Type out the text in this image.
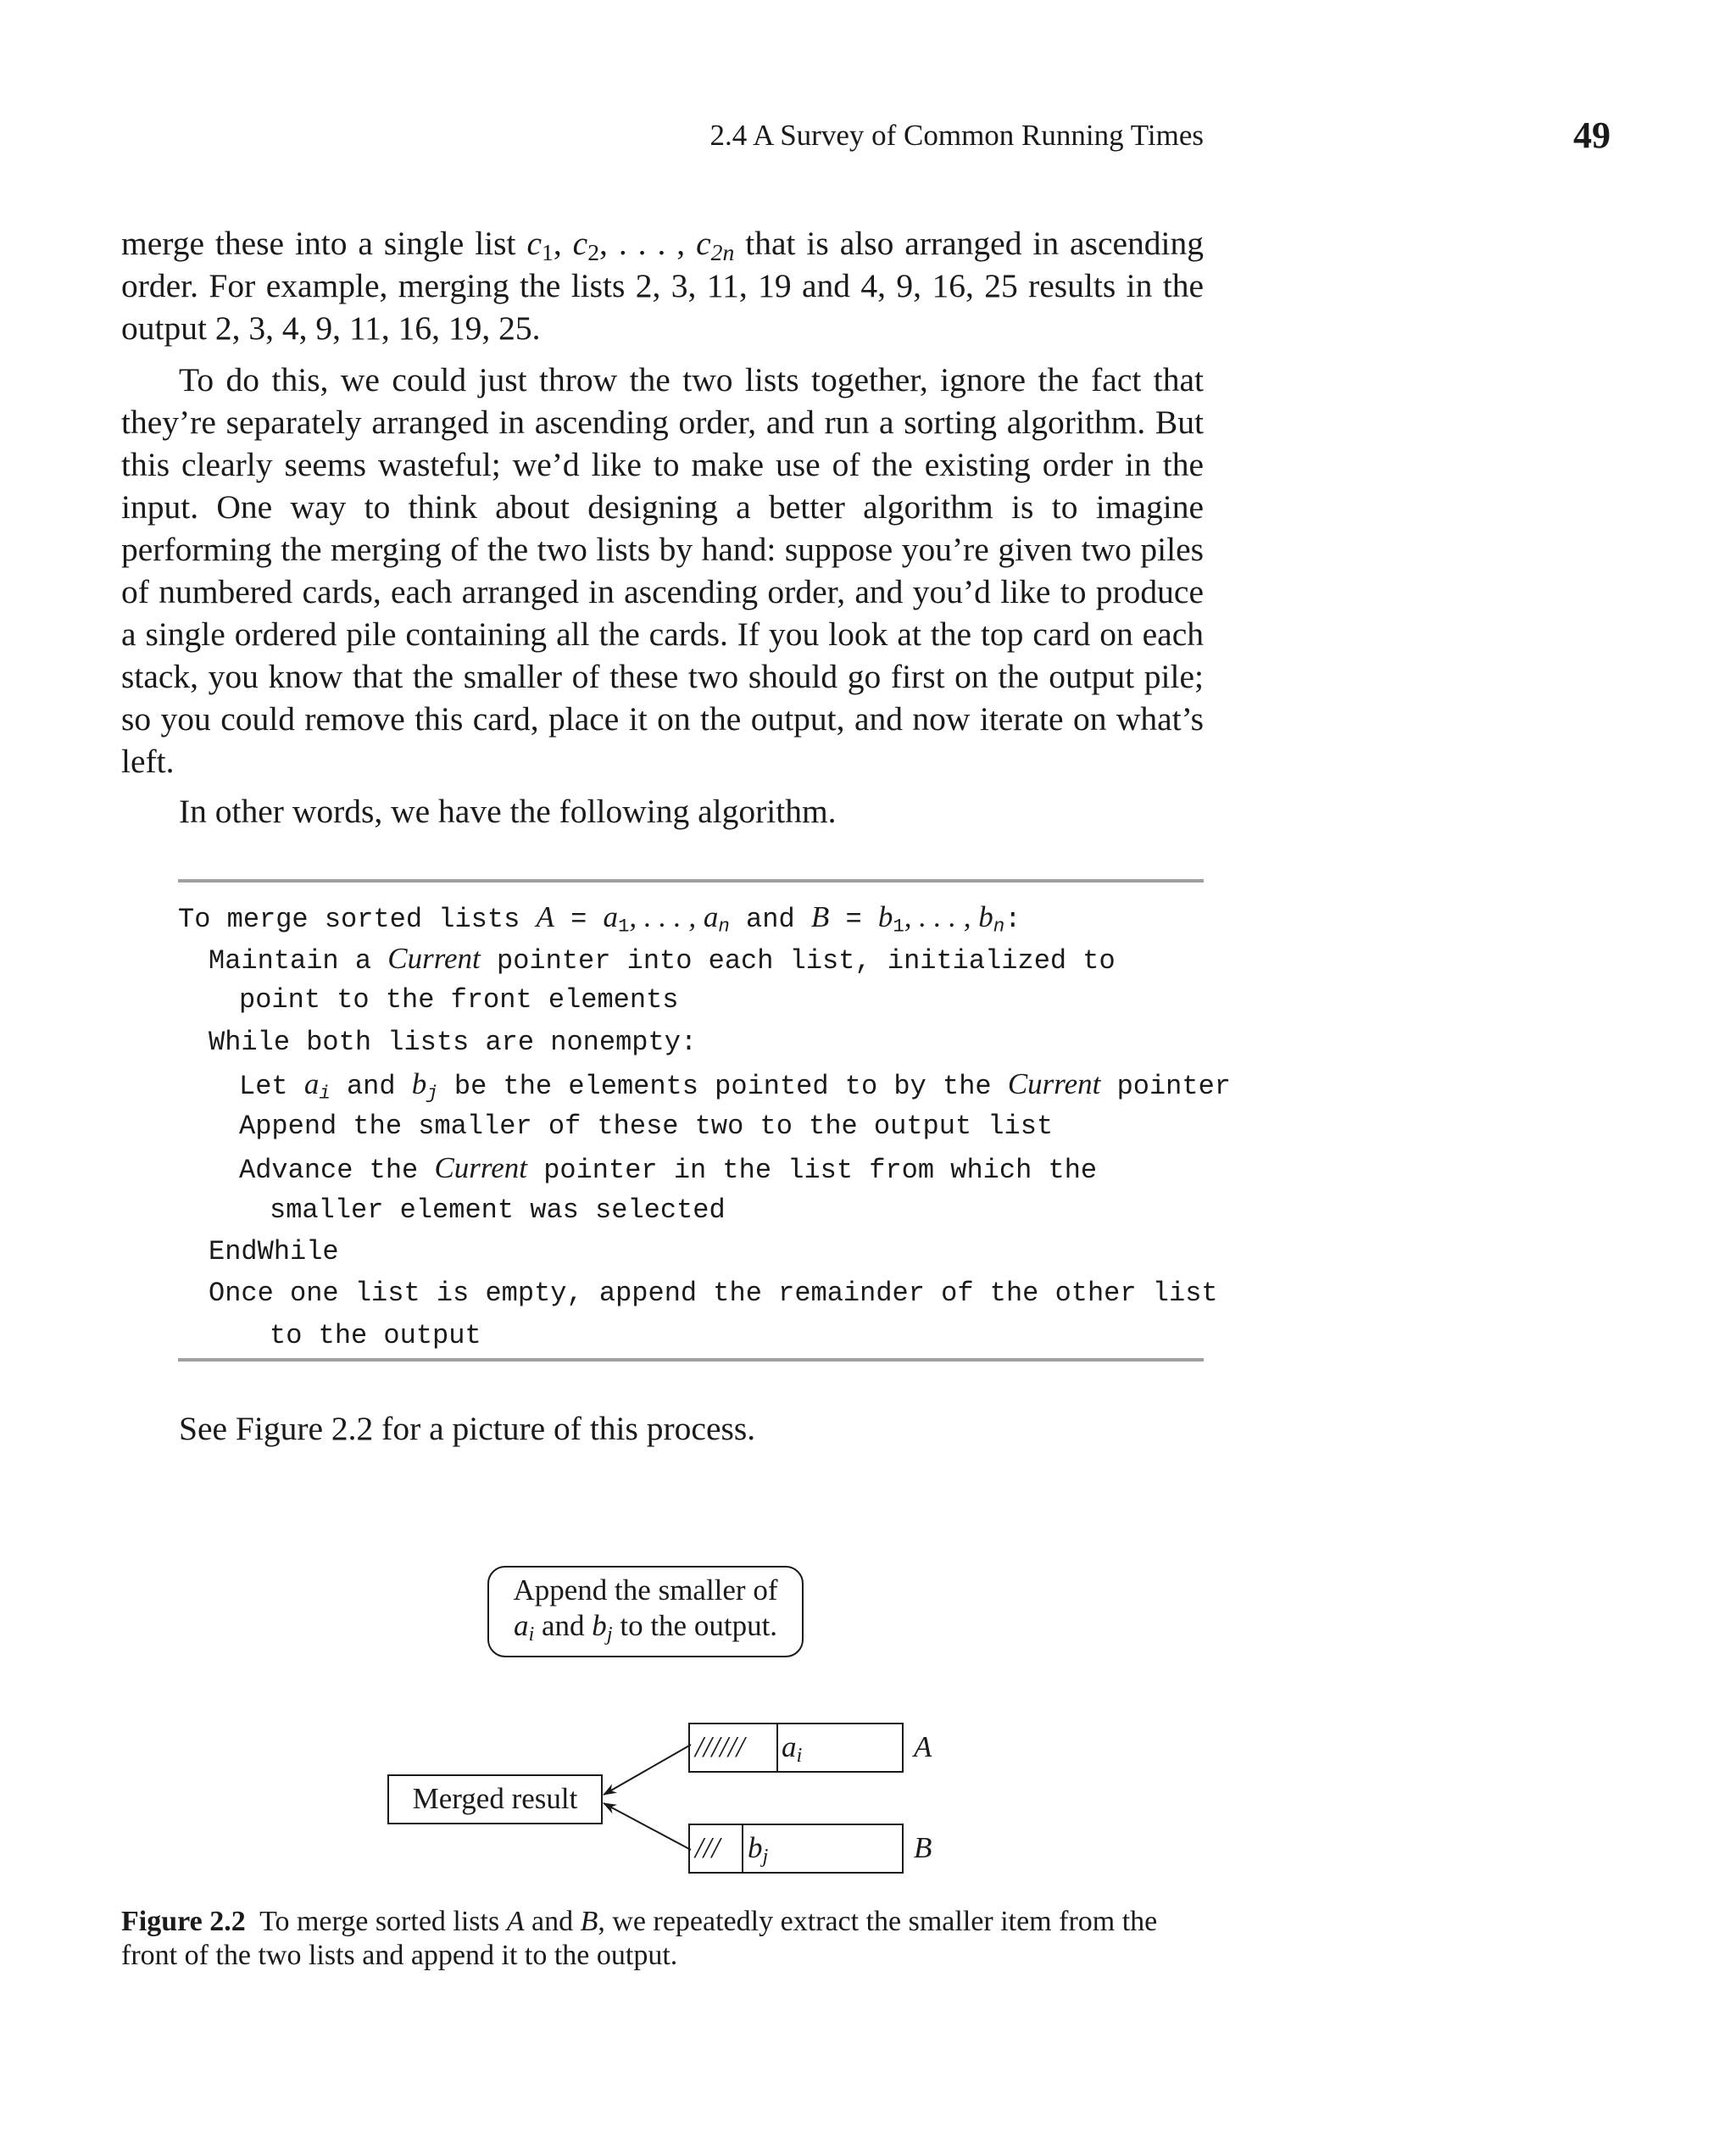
2.4 A Survey of Common Running Times	49

merge these into a single list $c_1$, $c_2$, . . . , $c_{2n}$ that is also arranged in ascending order. For example, merging the lists 2, 3, 11, 19 and 4, 9, 16, 25 results in the output 2, 3, 4, 9, 11, 16, 19, 25.

To do this, we could just throw the two lists together, ignore the fact that they’re separately arranged in ascending order, and run a sorting algorithm. But this clearly seems wasteful; we’d like to make use of the existing order in the input. One way to think about designing a better algorithm is to imagine performing the merging of the two lists by hand: suppose you’re given two piles of numbered cards, each arranged in ascending order, and you’d like to produce a single ordered pile containing all the cards. If you look at the top card on each stack, you know that the smaller of these two should go first on the output pile; so you could remove this card, place it on the output, and now iterate on what’s left.

In other words, we have the following algorithm.

To merge sorted lists $A = a_1$, . . . , $a_n$ and $B = b_1$, . . . , $b_n$:
Maintain a Current pointer into each list, initialized to
point to the front elements
While both lists are nonempty:
Let $a_i$ and $b_j$ be the elements pointed to by the Current pointer
Append the smaller of these two to the output list
Advance the Current pointer in the list from which the
smaller element was selected
EndWhile
Once one list is empty, append the remainder of the other list
to the output

See Figure 2.2 for a picture of this process.

Append the smaller of
$a_i$ and $b_j$ to the output.
Merged result
////// $a_i$	A
/// $b_j$	B

Figure 2.2  To merge sorted lists A and B, we repeatedly extract the smaller item from the front of the two lists and append it to the output.
